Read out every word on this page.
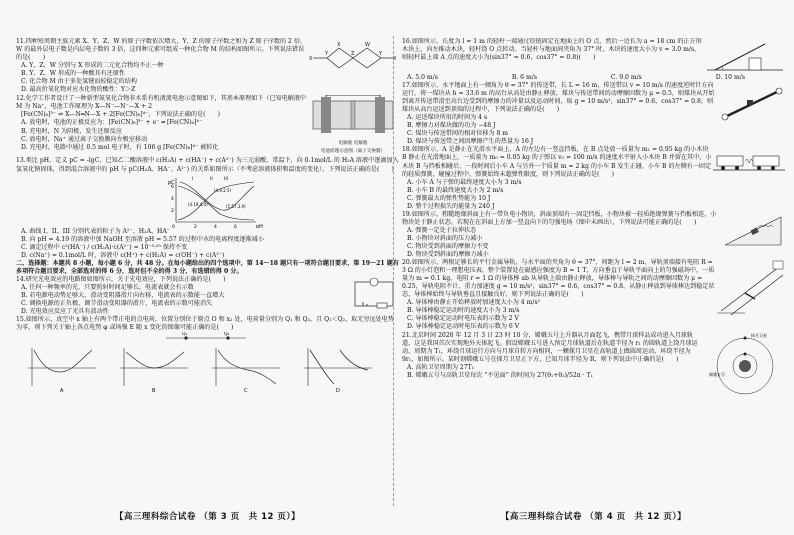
11.四种短周期主族元素 X、Y、Z、W 的原子序数依次增大，Y、Z 的原子序数之和为 Z 原子序数的 2 倍，W 的最外层电子数是内层电子数的 3 倍，这四种元素可组成一种化合物 M 的结构如图所示。下列说法错误的是(　　)

A. Y、Z、W 分别与 X 形成的二元化合物均不止一种

B. Y、Z、W 形成的一种酸具有还原性

C. 化合物 M 由于多处氢键而较稳定的结构

D. 最高价氧化物对应水化物的酸性：Y＞Z

X
Y
X
Z
W
Y
X

12.化学工作者设计了一种新型氮氧化合物非水系有机液流电池示意图如下，其基本原理如下（已知电解液中 M 为 Na⁺，电池工作原理为 X—N⁻—N⁻—X + 2

[Fe(CN)₆]³⁻ ⇌ X—N═N—X + 2[Fe(CN)₆]⁴⁻，下列说法正确的是(　　)

A. 放电时，电池的正极反应为：[Fe(CN)₆]³⁻ + e⁻ ═ [Fe(CN)₆]⁴⁻

B. 充电时，N 为阴极，发生还原反应

C. 放电时，Na⁺ 通过离子交换膜向左极室移动

D. 充电时，电路中通过 0.5 mol 电子时，有 106 g [Fe(CN)₆]⁴⁻ 被转化	电解液 电解液

电池原理示意图（离子交换膜）

13.类比 pH，定义 pC = -lgC，已知乙二酸溶液中 c(H₂A) + c(HA⁻) + c(A²⁻) 为三元弱酸，常温下，向 0.1mol/L 的 H₂A 溶液中逐滴加入氢氧化钠固体，得到混合溶液中的 pH 与 pC(H₂A、HA⁻、A²⁻) 的关系如图所示（不考虑溶液体积和温度的变化），下列说法正确的是(　　)

pC
pH
0	2	4	6
2
4
6
I	II	III
(4.19,4.4)	(5.57,3.9)
(4.9,2.5)

A. 曲线 I、II、III 分别代表的粒子为 A²⁻、H₂A、HA⁻

B. 向 pH = 4.19 的溶液中加 NaOH 至溶液 pH = 5.57 的过程中水的电离程度逐渐减小

C. 滴定过程中 c²(HA⁻) / c(H₂A)·c(A²⁻) = 10⁻⁵·⁵⁵ 保持不变

D. c(Na⁺) = 0.1mol/L 时，溶液中 c(H⁺) + c(H₂A) = c(OH⁻) + c(A²⁻)

二、选择题：本题共 8 小题，每小题 6 分，共 48 分。在每小题给出的四个选项中，第 14～18 题只有一项符合题目要求，第 19～21 题有多项符合题目要求，全部选对的得 6 分，选对但不全的得 3 分，有选错的得 0 分。

14.研究光电效应的电路图如图所示，关于光电效应，下列说法正确的是(　　)

A. 任何一种频率的光，只要照射时间足够长，电流表就会有示数

B. 若电源电动势足够大，滑动变阻器滑片向右移，电流表的示数能一直增大

C. 调换电源的正负极，调节滑动变阻器的滑片，电流表的示数可能消失

D. 光电效应反应了光具有波动性

15.如图所示，真空中 x 轴上有两个带正电的点电荷，位置分别位于原点 O 和 x₂ 处，电荷量分别为 Q₁ 和 Q₂，且 Q₁＜Q₂，取无穷远处电势为零，则下列关于轴上各点电势 φ 或场强 E 随 x 变化的图像可能正确的是(　　)

Q₁	Q₂
A	B	C	D

16.如图所示，长度为 l = 1 m 的轻杆一端通过铰链固定在地面上的 O 点，然后一边长为 a = 18 cm 的正方形木块上，向左推动木块，轻杆绕 O 点转动。当轻杆与地面间夹角为 37° 时，木块的速度大小为 v = 3.0 m/s，则轻杆最上端 A 点的速度大小为(sin37° = 0.6，cos37° = 0.8)(　　)

A. 5.0 m/s	B. 6 m/s	C. 9.0 m/s	D. 10 m/s

17.如图所示，水平地面上有一倾角为 θ = 37° 的传送带，长 L = 16 m，传送带以 v = 10 m/s 的速度逆时针方向运行，将一煤块从 h = 33.6 m 的高台从高处由静止释放，煤块与传送带间的动摩擦因数为 μ = 0.5，则煤块从开始到离开传送带滑至高台边受到的摩擦力的冲量以及运动时间，取 g = 10 m/s²，sin37° = 0.6，cos37° = 0.8，则煤块从高台运送到顶端的过程中，下列说法正确的是(　　)

A. 运送煤块所用的时间为 4 s

B. 摩擦力对煤块做的功为 −48 J

C. 煤块与传送带间的相对位移为 8 m

D. 煤块与传送带之间因摩擦产生的热量为 16 J

18.如图所示，A 是静止在光滑水平面上，A 的左边有一竖直挡板，在 B 点处放一质量为 m₁ = 0.95 kg 的小木块 B 静止在光滑地面上，一质量为 m₀ = 0.05 kg 的子弹以 v₀ = 100 m/s 的速度水平射入小木块 B 并留在其中，小木块 B 与挡板相碰后，一段时间后小车 A 与另外一个质量 m = 2 kg 的小车 B 发生正碰，小车 B 的左侧有一固定的轻质弹簧，碰撞过程中，弹簧始终未超弹性限度，则下列说法正确的是(　　)

A. 小车 A 与子弹的最终速度大小为 3 m/s

B. 小车 B 的最终速度大小为 2 m/s

C. 弹簧最大的弹性势能为 10 J

D. 整个过程损失的能量为 240 J

19.如图所示，粗糙绝缘斜面上有一带负电小物块，斜面顶端有一固定挡板，小物块被一轻质绝缘弹簧与挡板相连，小物块处于静止状态。若现在在斜面上方加一竖直向下的匀强电场（图中未画出），下列说法可能正确的是(　　)

A. 弹簧一定处于拉伸状态

B. 小物块对斜面的压力减小

C. 物块受到斜面的摩擦力不变

D. 物块受到斜面的摩擦力减小

20.如图所示，两根足够长的平行金属导轨，与水平面的夹角为 θ = 37°，间距为 l = 2 m，导轨顶端接有电阻 R = 3 Ω 的小灯泡和一理想电压表，整个装置处在磁感应强度为 B = 1 T，方向垂直于导轨平面向上的匀强磁场中，一质量为 m = 0.1 kg、电阻 r = 1 Ω 的导体棒 ab 从导轨上端由静止释放，导体棒与导轨之间的动摩擦因数为 μ = 0.25，导轨电阻不计，重力加速度 g = 10 m/s²，sin37° = 0.6，cos37° = 0.8。从静止释放到导体棒达到稳定状态，导体棒始终与导轨垂直且接触良好，则下列说法正确的是(　　)

A. 导体棒由静止开始释放时加速度大小为 4 m/s²

B. 导体棒稳定运动时的速度大小为 3 m/s

C. 导体棒稳定运动时电压表的示数为 2 V

D. 导体棒稳定运动时电压表的示数为 6 V

21.北京时间 2020 年 12 月 3 日 23 时 10 分，嫦娥五号上升器从月面起飞，携带月球样品成功进入月球轨道，这是我国首次实现地外天体起飞。假设嫦娥五号进入预定月球轨道后在轨道半径为 r₁ 的圆轨道上绕月球运动，周期为 T₁，环绕月球运行方向与月球自转方向相同，一颗探月卫星在高轨道上做圆周运动，环绕半径为 9r₁，如图所示。某时刻嫦娥五号在探月卫星正下方，已知月球半径为 R，则下列说法中正确的是(　　)

A. 高轨卫星周期为 27T₁

B. 嫦娥五号与高轨卫星每次 “不见面” 的时间为 27(θ₁+θ₂)/52π · T₁	嫦娥五号
探月卫星
【高三理科综合试卷 （第 3 页　共 12 页）】	【高三理科综合试卷 （第 4 页　共 12 页）】
